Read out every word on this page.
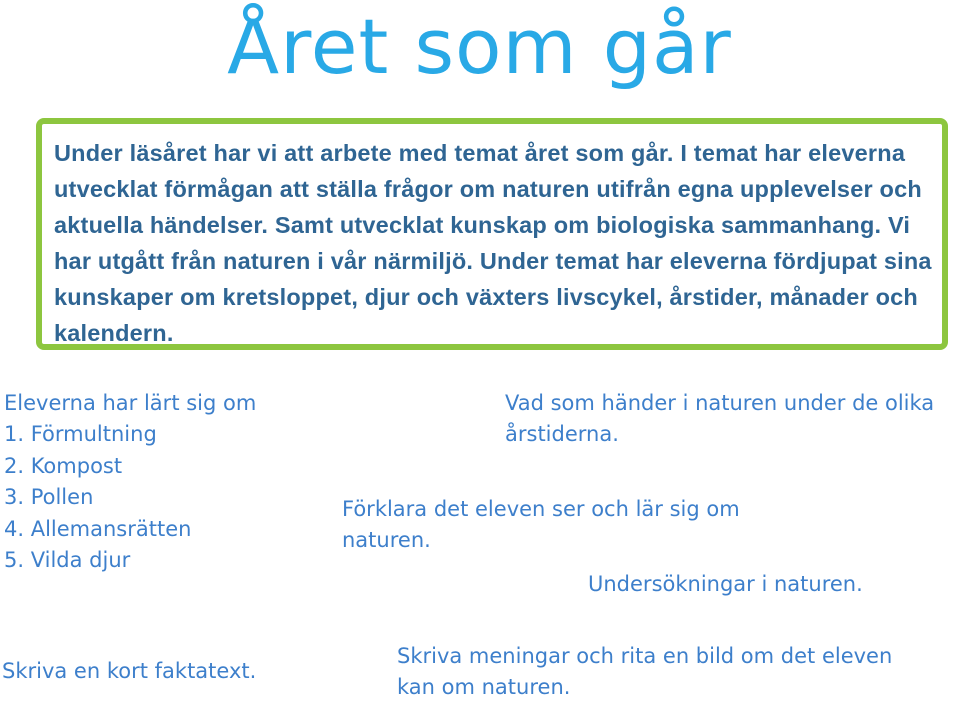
Året som går

Under läsåret har vi att arbete med temat året som går. I temat har eleverna utvecklat förmågan att ställa frågor om naturen utifrån egna upplevelser och aktuella händelser. Samt utvecklat kunskap om biologiska sammanhang. Vi har utgått från naturen i vår närmiljö. Under temat har eleverna fördjupat sina kunskaper om kretsloppet, djur och växters livscykel, årstider, månader och kalendern.

Eleverna har lärt sig om

1. Förmultning
2. Kompost
3. Pollen
4. Allemansrätten
5. Vilda djur

Vad som händer i naturen under de olika årstiderna.

Förklara det eleven ser och lär sig om naturen.

Undersökningar i naturen.

Skriva en kort faktatext.

Skriva meningar och rita en bild om det eleven kan om naturen.
